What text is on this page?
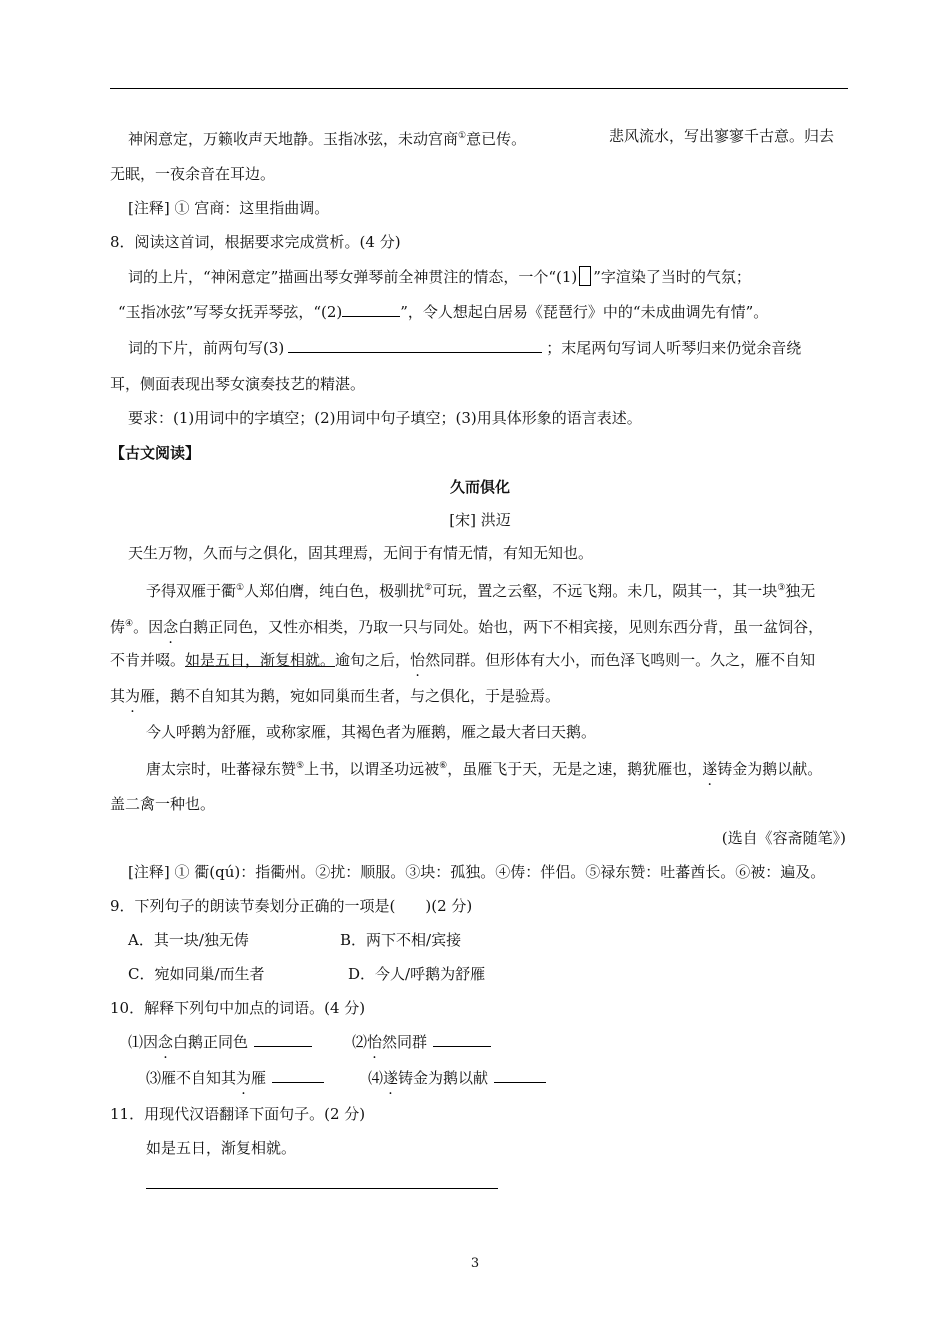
神闲意定，万籁收声天地静。玉指冰弦，未动宫商①意已传。	悲风流水，写出寥寥千古意。归去
无眠，一夜余音在耳边。
[注释] ① 宫商：这里指曲调。
8．阅读这首词，根据要求完成赏析。(4 分)
词的上片，“神闲意定”描画出琴女弹琴前全神贯注的情态，一个“(1) ”字渲染了当时的气氛；
“玉指冰弦”写琴女抚弄琴弦，“(2)	”，令人想起白居易《琵琶行》中的“未成曲调先有情”。
词的下片，前两句写(3)	；末尾两句写词人听琴归来仍觉余音绕
耳，侧面表现出琴女演奏技艺的精湛。
要求：(1)用词中的字填空；(2)用词中句子填空；(3)用具体形象的语言表述。
【古文阅读】
久而俱化
[宋] 洪迈
天生万物，久而与之俱化，固其理焉，无间于有情无情，有知无知也。
予得双雁于衢①人郑伯膺，纯白色，极驯扰②可玩，置之云壑，不远飞翔。未几，陨其一，其一块③独无
俦④。因念白鹅正同色，又性亦相类，乃取一只与同处。始也，两下不相宾接，见则东西分背，虽一盆饲谷，
不肯并啜。如是五日，渐复相就。逾旬之后，怡然同群。但形体有大小，而色泽飞鸣则一。久之，雁不自知
其为雁，鹅不自知其为鹅，宛如同巢而生者，与之俱化，于是验焉。
今人呼鹅为舒雁，或称家雁，其褐色者为雁鹅，雁之最大者曰天鹅。
唐太宗时，吐蕃禄东赞⑤上书，以谓圣功远被⑥，虽雁飞于天，无是之速，鹅犹雁也，遂铸金为鹅以献。
盖二禽一种也。
(选自《容斋随笔》)
[注释] ① 衢(qú)：指衢州。②扰：顺服。③块：孤独。④俦：伴侣。⑤禄东赞：吐蕃酋长。⑥被：遍及。
9．下列句子的朗读节奏划分正确的一项是(　　)(2 分)
A．其一块/独无俦	B．两下不相/宾接
C．宛如同巢/而生者	D．今人/呼鹅为舒雁
10．解释下列句中加点的词语。(4 分)
⑴因念白鹅正同色	⑵怡然同群
⑶雁不自知其为雁	⑷遂铸金为鹅以献
11．用现代汉语翻译下面句子。(2 分)
如是五日，渐复相就。
3
